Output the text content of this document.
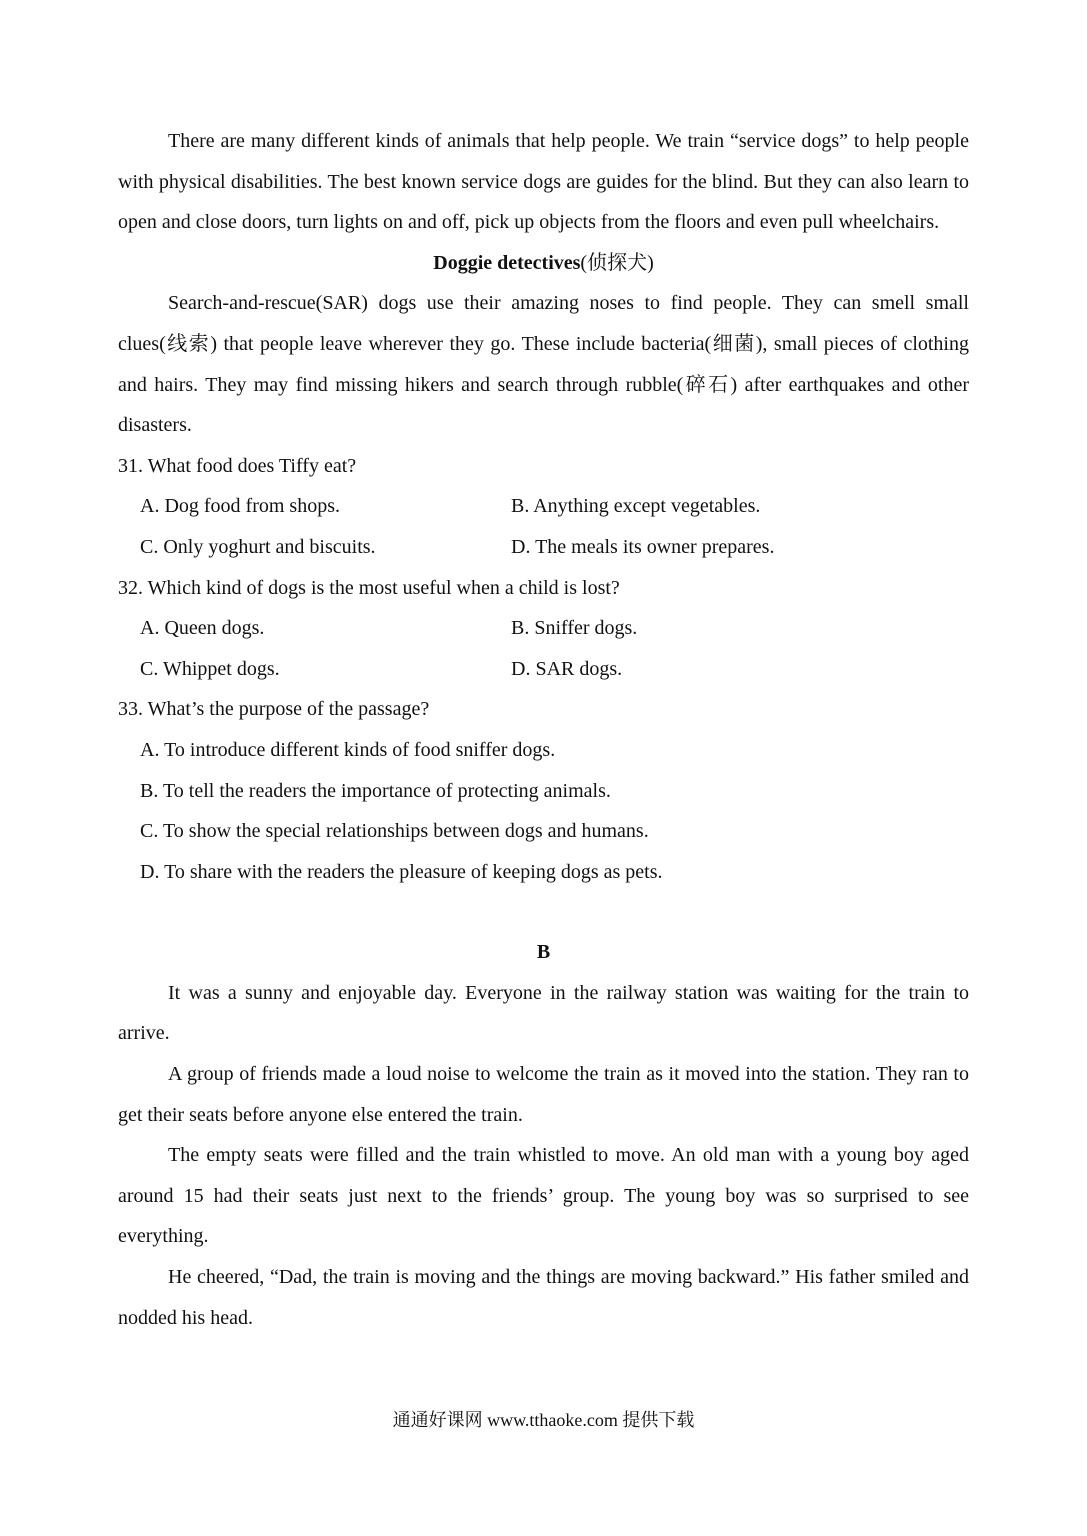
There are many different kinds of animals that help people. We train “service dogs” to help people with physical disabilities. The best known service dogs are guides for the blind. But they can also learn to open and close doors, turn lights on and off, pick up objects from the floors and even pull wheelchairs.

Doggie detectives(侦探犬)

Search-and-rescue(SAR) dogs use their amazing noses to find people. They can smell small clues(线索) that people leave wherever they go. These include bacteria(细菌), small pieces of clothing and hairs. They may find missing hikers and search through rubble(碎石) after earthquakes and other disasters.

31. What food does Tiffy eat?

A. Dog food from shops.	B. Anything except vegetables.
C. Only yoghurt and biscuits.	D. The meals its owner prepares.

32. Which kind of dogs is the most useful when a child is lost?

A. Queen dogs.	B. Sniffer dogs.
C. Whippet dogs.	D. SAR dogs.

33. What’s the purpose of the passage?

A. To introduce different kinds of food sniffer dogs.
B. To tell the readers the importance of protecting animals.
C. To show the special relationships between dogs and humans.
D. To share with the readers the pleasure of keeping dogs as pets.

B

It was a sunny and enjoyable day. Everyone in the railway station was waiting for the train to arrive.

A group of friends made a loud noise to welcome the train as it moved into the station. They ran to get their seats before anyone else entered the train.

The empty seats were filled and the train whistled to move. An old man with a young boy aged around 15 had their seats just next to the friends’ group. The young boy was so surprised to see everything.

He cheered, “Dad, the train is moving and the things are moving backward.” His father smiled and nodded his head.

通通好课网 www.tthaoke.com 提供下载
